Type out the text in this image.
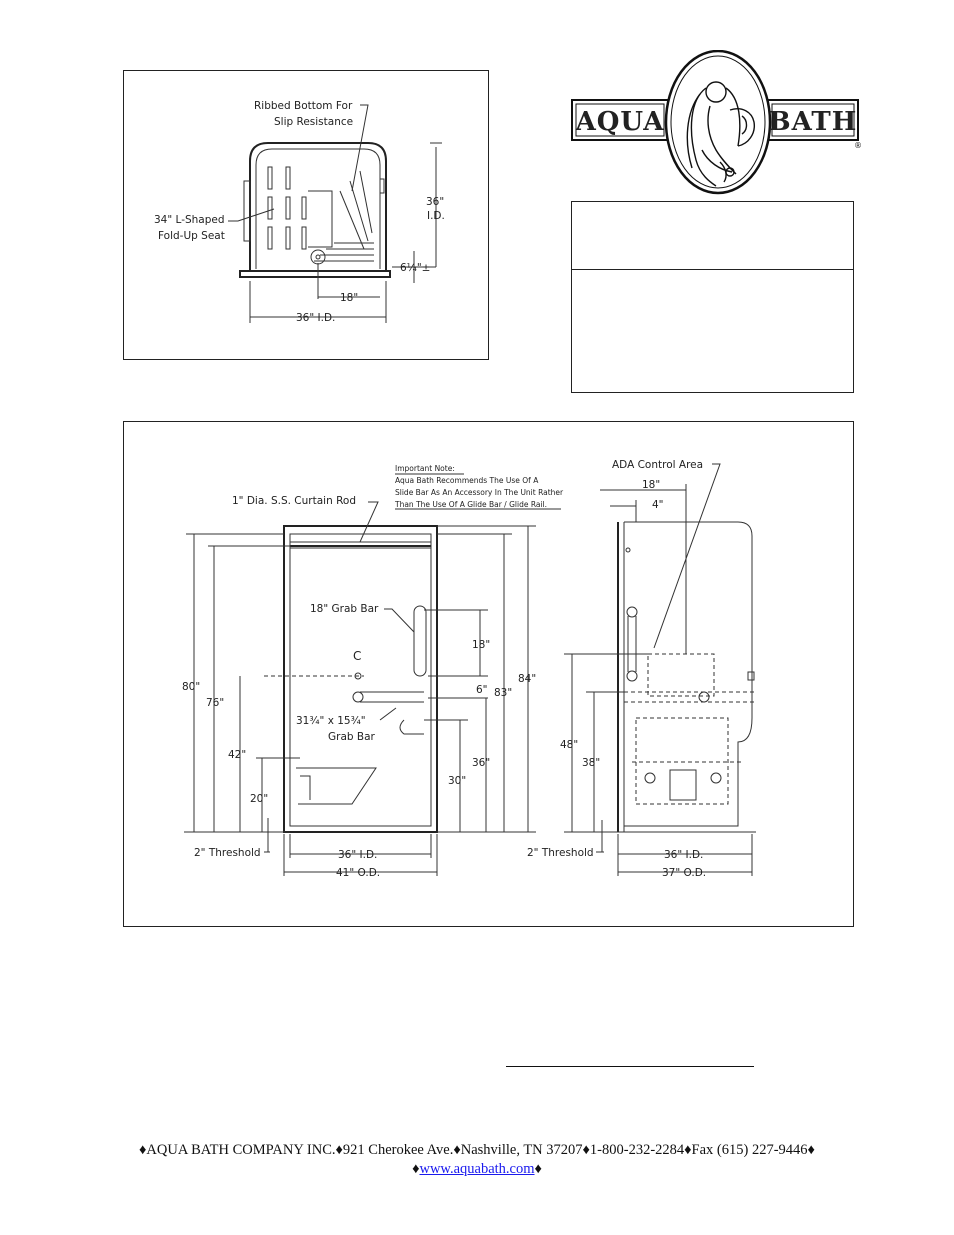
AQUA	BATH
®
Ribbed Bottom For
Slip Resistance
34" L-Shaped
Fold-Up Seat
36"
I.D.
6¼"±
18"
36" I.D.
C
Important Note:
Aqua Bath Recommends The Use Of A
Slide Bar As An Accessory In The Unit Rather
Than The Use Of A Glide Bar / Glide Rail.
1" Dia. S.S. Curtain Rod
18" Grab Bar
31¾" x 15¾"
Grab Bar
80"
76"
42"
20"
2" Threshold
18"
6"
36"
30"
83"
84"
36" I.D.
41" O.D.
ADA Control Area
18"
4"
48"
38"
2" Threshold	36" I.D.
37" O.D.
♦AQUA BATH COMPANY INC.♦921 Cherokee Ave.♦Nashville, TN 37207♦1-800-232-2284♦Fax (615) 227-9446♦
♦www.aquabath.com♦
